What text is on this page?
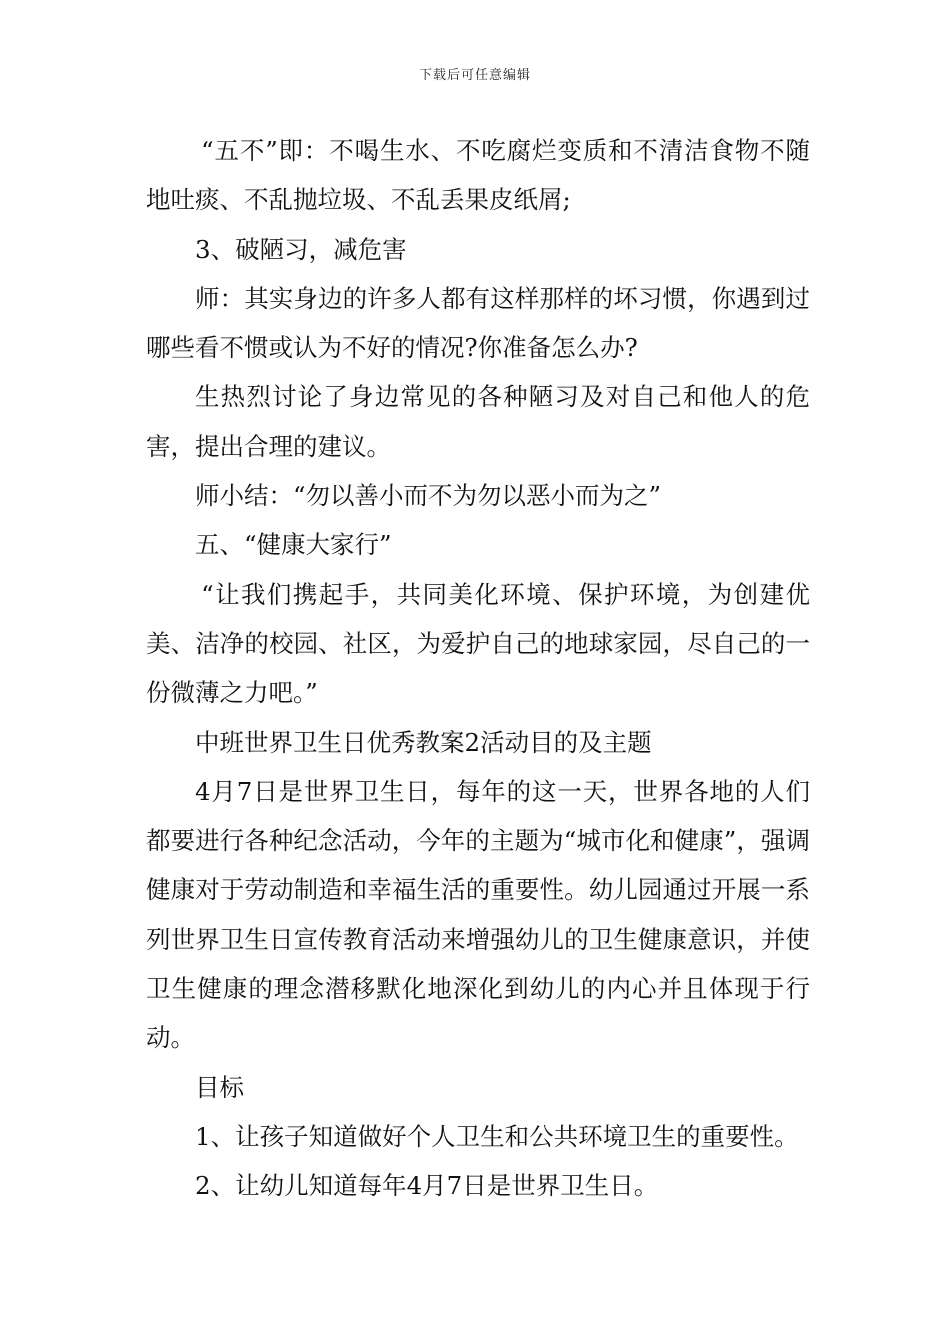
下载后可任意编辑

“五不”即：不喝生水、不吃腐烂变质和不清洁食物不随地吐痰、不乱抛垃圾、不乱丢果皮纸屑;

3、破陋习，减危害

师：其实身边的许多人都有这样那样的坏习惯，你遇到过哪些看不惯或认为不好的情况?你准备怎么办?

生热烈讨论了身边常见的各种陋习及对自己和他人的危害，提出合理的建议。

师小结：“勿以善小而不为勿以恶小而为之”

五、“健康大家行”

“让我们携起手，共同美化环境、保护环境，为创建优美、洁净的校园、社区，为爱护自己的地球家园，尽自己的一份微薄之力吧。”

中班世界卫生日优秀教案2活动目的及主题

4月7日是世界卫生日，每年的这一天，世界各地的人们都要进行各种纪念活动，今年的主题为“城市化和健康”，强调健康对于劳动制造和幸福生活的重要性。幼儿园通过开展一系列世界卫生日宣传教育活动来增强幼儿的卫生健康意识，并使卫生健康的理念潜移默化地深化到幼儿的内心并且体现于行动。

目标

1、让孩子知道做好个人卫生和公共环境卫生的重要性。

2、让幼儿知道每年4月7日是世界卫生日。
